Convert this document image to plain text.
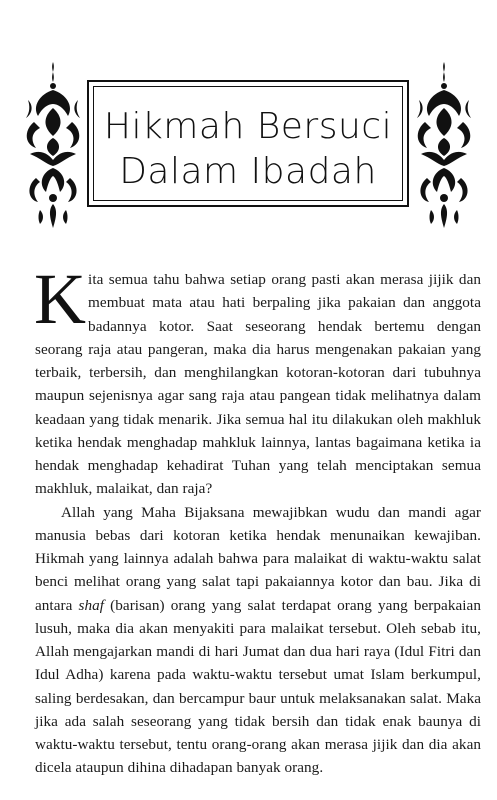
Hikmah Bersuci
Dalam Ibadah

Kita semua tahu bahwa setiap orang pasti akan merasa jijik dan membuat mata atau hati berpaling jika pakaian dan anggota badannya kotor. Saat seseorang hendak bertemu dengan seorang raja atau pangeran, maka dia harus mengenakan pakaian yang terbaik, terbersih, dan menghilangkan kotoran-kotoran dari tubuhnya maupun sejenisnya agar sang raja atau pangean tidak melihatnya dalam keadaan yang tidak menarik. Jika semua hal itu dilakukan oleh makhluk ketika hendak menghadap mahkluk lainnya, lantas bagaimana ketika ia hendak menghadap kehadirat Tuhan yang telah menciptakan semua makhluk, malaikat, dan raja?

Allah yang Maha Bijaksana mewajibkan wudu dan mandi agar manusia bebas dari kotoran ketika hendak menunaikan kewajiban. Hikmah yang lainnya adalah bahwa para malaikat di waktu-waktu salat benci melihat orang yang salat tapi pakaiannya kotor dan bau. Jika di antara shaf (barisan) orang yang salat terdapat orang yang berpakaian lusuh, maka dia akan menyakiti para malaikat tersebut. Oleh sebab itu, Allah mengajarkan mandi di hari Jumat dan dua hari raya (Idul Fitri dan Idul Adha) karena pada waktu-waktu tersebut umat Islam berkumpul, saling berdesakan, dan bercampur baur untuk melaksanakan salat. Maka jika ada salah seseorang yang tidak bersih dan tidak enak baunya di waktu-waktu tersebut, tentu orang-orang akan merasa jijik dan dia akan dicela ataupun dihina dihadapan banyak orang.
